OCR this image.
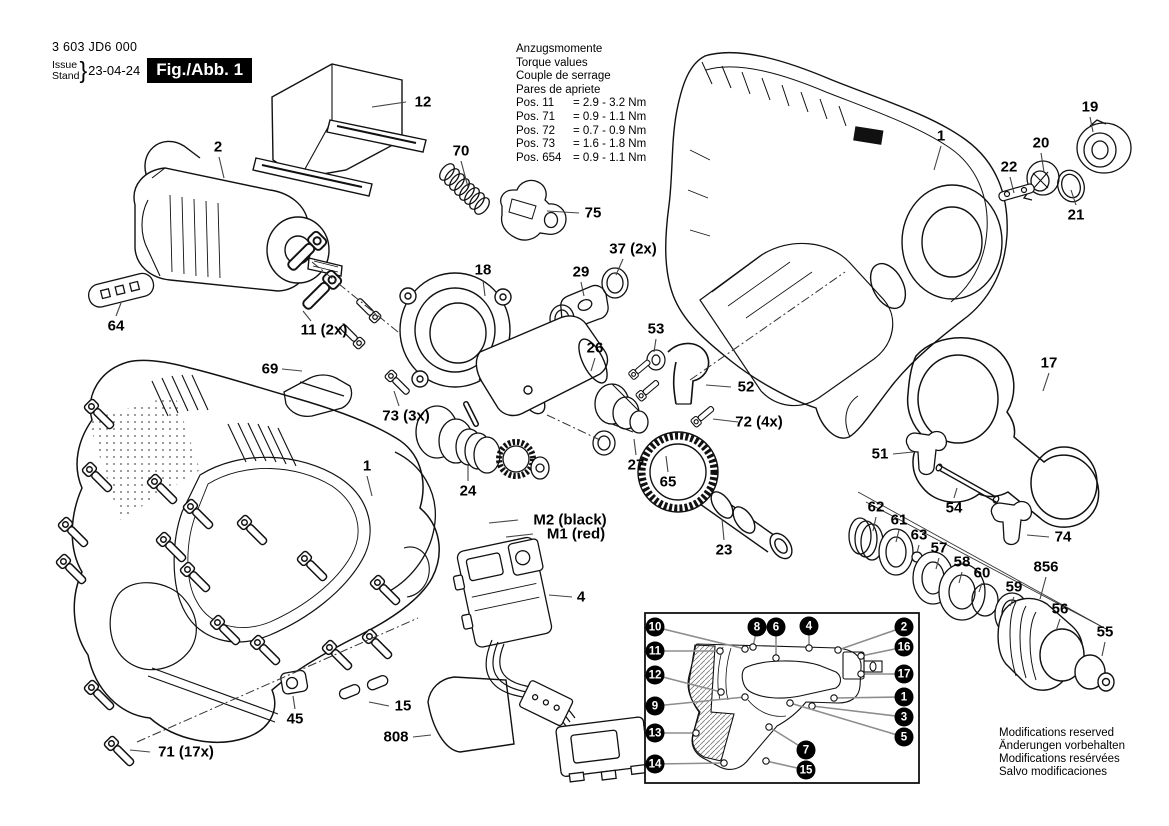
3 603 JD6 000
Issue
Stand } 23-04-24 Fig./Abb. 1
Anzugsmomente
Torque values
Couple de serrage
Pares de apriete
Pos. 11	= 2.9 - 3.2 Nm
Pos. 71	= 0.9 - 1.1 Nm
Pos. 72	= 0.7 - 0.9 Nm
Pos. 73	= 1.6 - 1.8 Nm
Pos. 654	= 0.9 - 1.1 Nm
Modifications reserved
Änderungen vorbehalten
Modifications resérvées
Salvo modificaciones
12
2	70
75
1
19
20
22
21
37 (2x)
29
18
64	11 (2x)
26
53
69
52
17
73 (3x)	72 (4x)
27
65
24
1
23
51
62
61
63
57
58
60
59
54
74
856
56
55
M2 (black)
M1 (red)
4
45
15
808
71 (17x)
10	8	6	4	2
11	16
12	17
9
1
3
13	5
7
14	15
